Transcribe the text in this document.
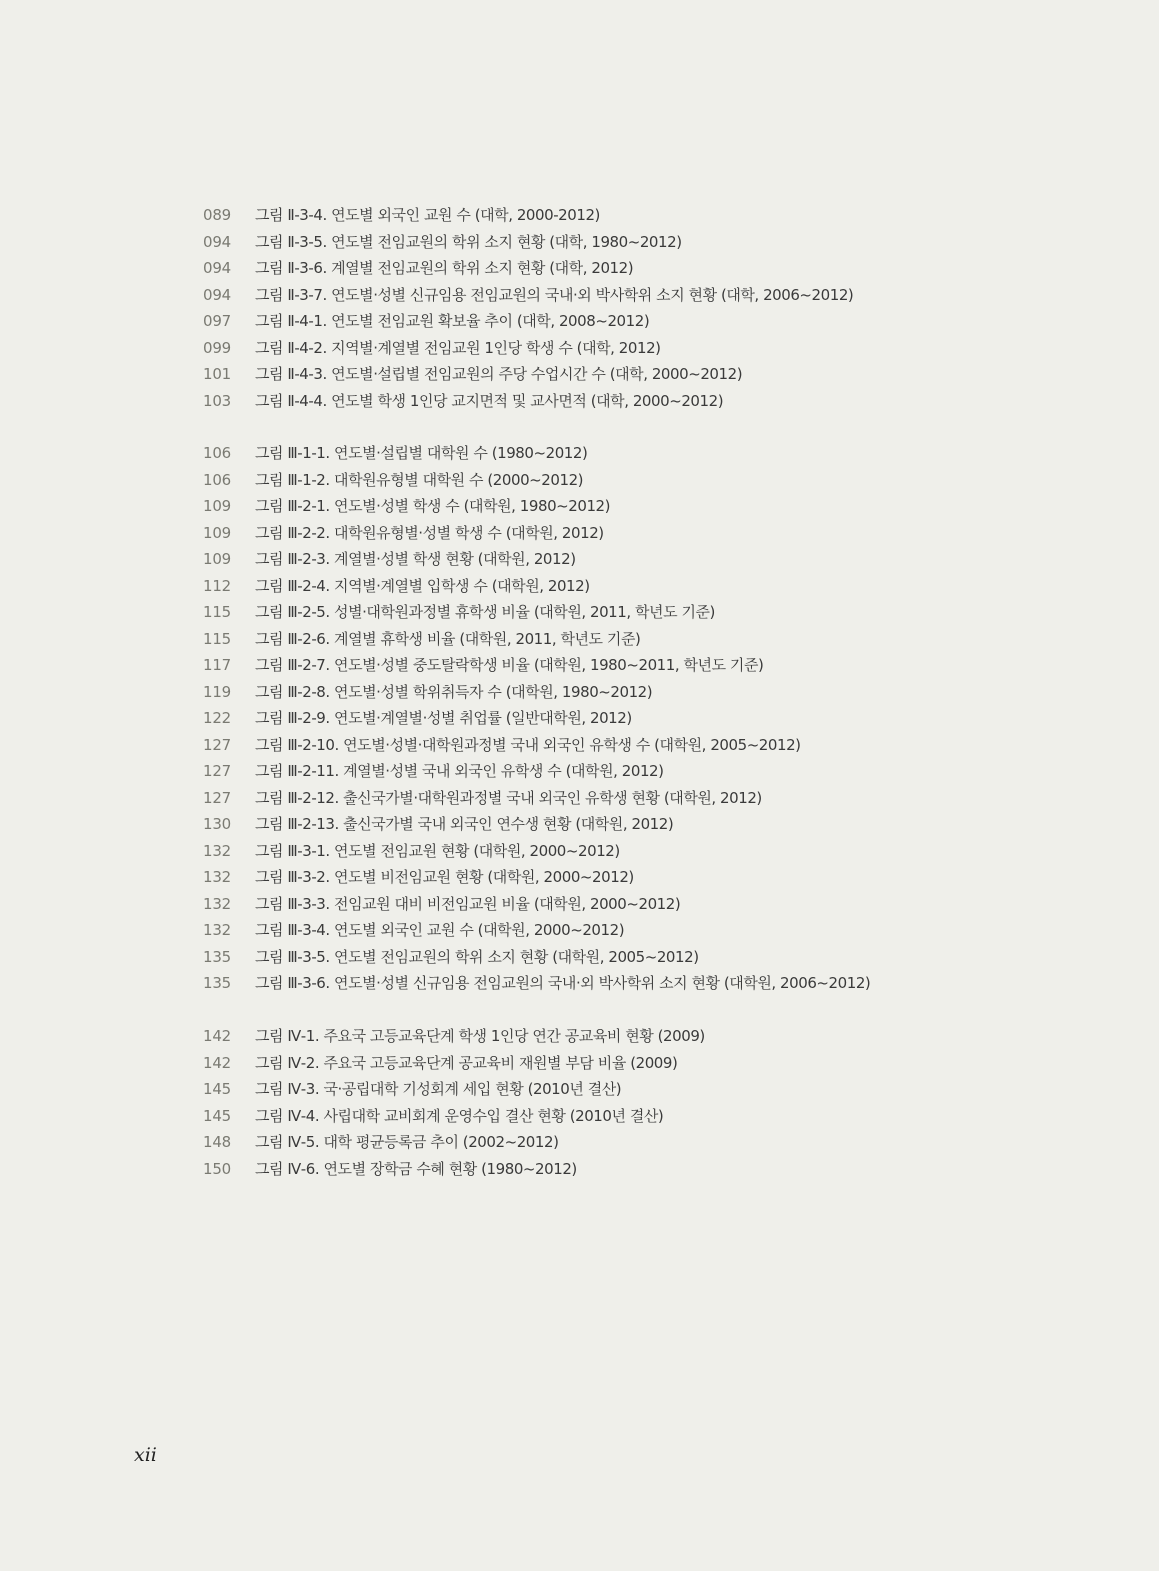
089 그림 Ⅱ-3-4. 연도별 외국인 교원 수 (대학, 2000-2012)
094 그림 Ⅱ-3-5. 연도별 전임교원의 학위 소지 현황 (대학, 1980~2012)
094 그림 Ⅱ-3-6. 계열별 전임교원의 학위 소지 현황 (대학, 2012)
094 그림 Ⅱ-3-7. 연도별·성별 신규임용 전임교원의 국내·외 박사학위 소지 현황 (대학, 2006~2012)
097 그림 Ⅱ-4-1. 연도별 전임교원 확보율 추이 (대학, 2008~2012)
099 그림 Ⅱ-4-2. 지역별·계열별 전임교원 1인당 학생 수 (대학, 2012)
101 그림 Ⅱ-4-3. 연도별·설립별 전임교원의 주당 수업시간 수 (대학, 2000~2012)
103 그림 Ⅱ-4-4. 연도별 학생 1인당 교지면적 및 교사면적 (대학, 2000~2012)
106 그림 Ⅲ-1-1. 연도별·설립별 대학원 수 (1980~2012)
106 그림 Ⅲ-1-2. 대학원유형별 대학원 수 (2000~2012)
109 그림 Ⅲ-2-1. 연도별·성별 학생 수 (대학원, 1980~2012)
109 그림 Ⅲ-2-2. 대학원유형별·성별 학생 수 (대학원, 2012)
109 그림 Ⅲ-2-3. 계열별·성별 학생 현황 (대학원, 2012)
112 그림 Ⅲ-2-4. 지역별·계열별 입학생 수 (대학원, 2012)
115 그림 Ⅲ-2-5. 성별·대학원과정별 휴학생 비율 (대학원, 2011, 학년도 기준)
115 그림 Ⅲ-2-6. 계열별 휴학생 비율 (대학원, 2011, 학년도 기준)
117 그림 Ⅲ-2-7. 연도별·성별 중도탈락학생 비율 (대학원, 1980~2011, 학년도 기준)
119 그림 Ⅲ-2-8. 연도별·성별 학위취득자 수 (대학원, 1980~2012)
122 그림 Ⅲ-2-9. 연도별·계열별·성별 취업률 (일반대학원, 2012)
127 그림 Ⅲ-2-10. 연도별·성별·대학원과정별 국내 외국인 유학생 수 (대학원, 2005~2012)
127 그림 Ⅲ-2-11. 계열별·성별 국내 외국인 유학생 수 (대학원, 2012)
127 그림 Ⅲ-2-12. 출신국가별·대학원과정별 국내 외국인 유학생 현황 (대학원, 2012)
130 그림 Ⅲ-2-13. 출신국가별 국내 외국인 연수생 현황 (대학원, 2012)
132 그림 Ⅲ-3-1. 연도별 전임교원 현황 (대학원, 2000~2012)
132 그림 Ⅲ-3-2. 연도별 비전임교원 현황 (대학원, 2000~2012)
132 그림 Ⅲ-3-3. 전임교원 대비 비전임교원 비율 (대학원, 2000~2012)
132 그림 Ⅲ-3-4. 연도별 외국인 교원 수 (대학원, 2000~2012)
135 그림 Ⅲ-3-5. 연도별 전임교원의 학위 소지 현황 (대학원, 2005~2012)
135 그림 Ⅲ-3-6. 연도별·성별 신규임용 전임교원의 국내·외 박사학위 소지 현황 (대학원, 2006~2012)
142 그림 Ⅳ-1. 주요국 고등교육단계 학생 1인당 연간 공교육비 현황 (2009)
142 그림 Ⅳ-2. 주요국 고등교육단계 공교육비 재원별 부담 비율 (2009)
145 그림 Ⅳ-3. 국·공립대학 기성회계 세입 현황 (2010년 결산)
145 그림 Ⅳ-4. 사립대학 교비회계 운영수입 결산 현황 (2010년 결산)
148 그림 Ⅳ-5. 대학 평균등록금 추이 (2002~2012)
150 그림 Ⅳ-6. 연도별 장학금 수혜 현황 (1980~2012)
xii
